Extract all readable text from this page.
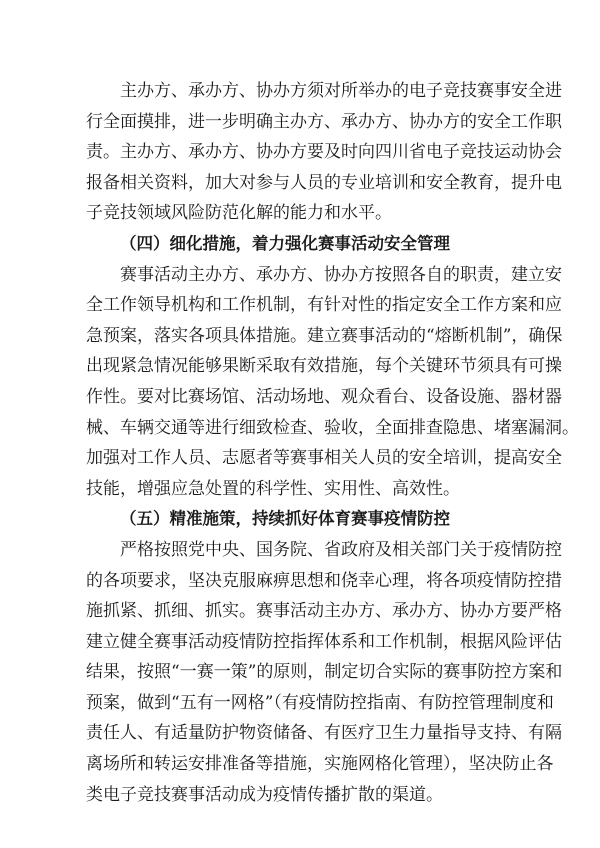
主办方、承办方、协办方须对所举办的电子竞技赛事安全进
行全面摸排，进一步明确主办方、承办方、协办方的安全工作职
责。主办方、承办方、协办方要及时向四川省电子竞技运动协会
报备相关资料，加大对参与人员的专业培训和安全教育，提升电
子竞技领域风险防范化解的能力和水平。
（四）细化措施，着力强化赛事活动安全管理
赛事活动主办方、承办方、协办方按照各自的职责，建立安
全工作领导机构和工作机制，有针对性的指定安全工作方案和应
急预案，落实各项具体措施。建立赛事活动的“熔断机制”，确保
出现紧急情况能够果断采取有效措施，每个关键环节须具有可操
作性。要对比赛场馆、活动场地、观众看台、设备设施、器材器
械、车辆交通等进行细致检查、验收，全面排查隐患、堵塞漏洞。
加强对工作人员、志愿者等赛事相关人员的安全培训，提高安全
技能，增强应急处置的科学性、实用性、高效性。
（五）精准施策，持续抓好体育赛事疫情防控
严格按照党中央、国务院、省政府及相关部门关于疫情防控
的各项要求，坚决克服麻痹思想和侥幸心理，将各项疫情防控措
施抓紧、抓细、抓实。赛事活动主办方、承办方、协办方要严格
建立健全赛事活动疫情防控指挥体系和工作机制，根据风险评估
结果，按照“一赛一策”的原则，制定切合实际的赛事防控方案和
预案，做到“五有一网格”（有疫情防控指南、有防控管理制度和
责任人、有适量防护物资储备、有医疗卫生力量指导支持、有隔
离场所和转运安排准备等措施，实施网格化管理），坚决防止各
类电子竞技赛事活动成为疫情传播扩散的渠道。
